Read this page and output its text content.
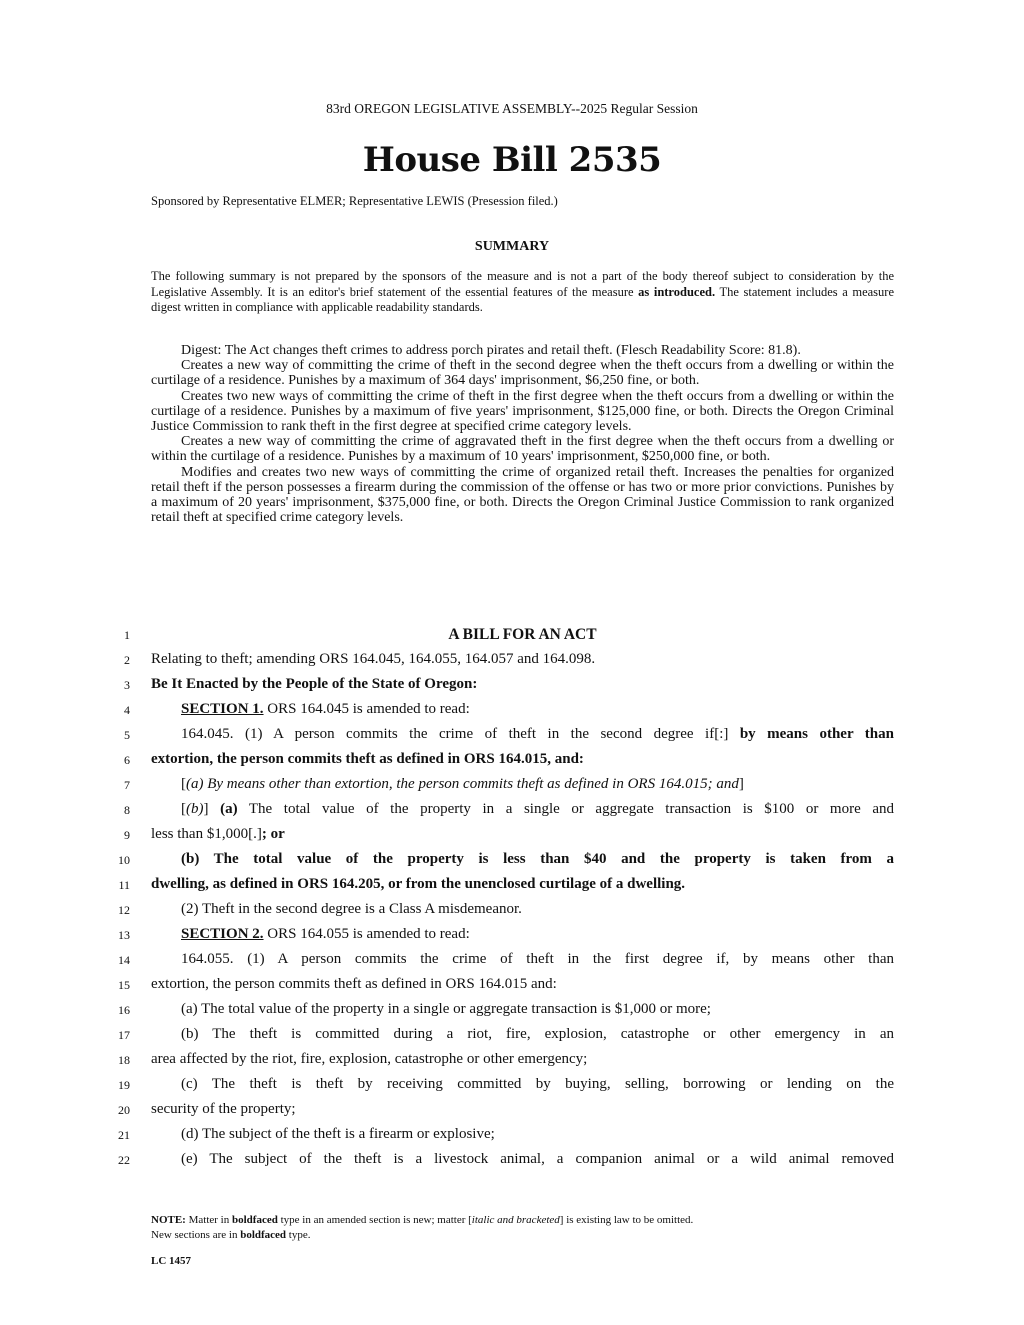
83rd OREGON LEGISLATIVE ASSEMBLY--2025 Regular Session
House Bill 2535
Sponsored by Representative ELMER; Representative LEWIS (Presession filed.)
SUMMARY
The following summary is not prepared by the sponsors of the measure and is not a part of the body thereof subject to consideration by the Legislative Assembly. It is an editor's brief statement of the essential features of the measure as introduced. The statement includes a measure digest written in compliance with applicable readability standards.

Digest: The Act changes theft crimes to address porch pirates and retail theft. (Flesch Readability Score: 81.8).

Creates a new way of committing the crime of theft in the second degree when the theft occurs from a dwelling or within the curtilage of a residence. Punishes by a maximum of 364 days' imprisonment, $6,250 fine, or both.

Creates two new ways of committing the crime of theft in the first degree when the theft occurs from a dwelling or within the curtilage of a residence. Punishes by a maximum of five years' imprisonment, $125,000 fine, or both. Directs the Oregon Criminal Justice Commission to rank theft in the first degree at specified crime category levels.

Creates a new way of committing the crime of aggravated theft in the first degree when the theft occurs from a dwelling or within the curtilage of a residence. Punishes by a maximum of 10 years' imprisonment, $250,000 fine, or both.

Modifies and creates two new ways of committing the crime of organized retail theft. Increases the penalties for organized retail theft if the person possesses a firearm during the commission of the offense or has two or more prior convictions. Punishes by a maximum of 20 years' imprisonment, $375,000 fine, or both. Directs the Oregon Criminal Justice Commission to rank organized retail theft at specified crime category levels.

1
2
3
4
5
6
7
8
9
10
11
12
13
14
15
16
17
18
19
20
21
22
A BILL FOR AN ACT
Relating to theft; amending ORS 164.045, 164.055, 164.057 and 164.098.
Be It Enacted by the People of the State of Oregon:
SECTION 1. ORS 164.045 is amended to read:
164.045. (1) A person commits the crime of theft in the second degree if[:] by means other than
extortion, the person commits theft as defined in ORS 164.015, and:
[(a) By means other than extortion, the person commits theft as defined in ORS 164.015; and]
[(b)] (a) The total value of the property in a single or aggregate transaction is $100 or more and
less than $1,000[.]; or
(b) The total value of the property is less than $40 and the property is taken from a
dwelling, as defined in ORS 164.205, or from the unenclosed curtilage of a dwelling.
(2) Theft in the second degree is a Class A misdemeanor.
SECTION 2. ORS 164.055 is amended to read:
164.055. (1) A person commits the crime of theft in the first degree if, by means other than
extortion, the person commits theft as defined in ORS 164.015 and:
(a) The total value of the property in a single or aggregate transaction is $1,000 or more;
(b) The theft is committed during a riot, fire, explosion, catastrophe or other emergency in an
area affected by the riot, fire, explosion, catastrophe or other emergency;
(c) The theft is theft by receiving committed by buying, selling, borrowing or lending on the
security of the property;
(d) The subject of the theft is a firearm or explosive;
(e) The subject of the theft is a livestock animal, a companion animal or a wild animal removed
NOTE: Matter in boldfaced type in an amended section is new; matter [italic and bracketed] is existing law to be omitted.
New sections are in boldfaced type.
LC 1457
